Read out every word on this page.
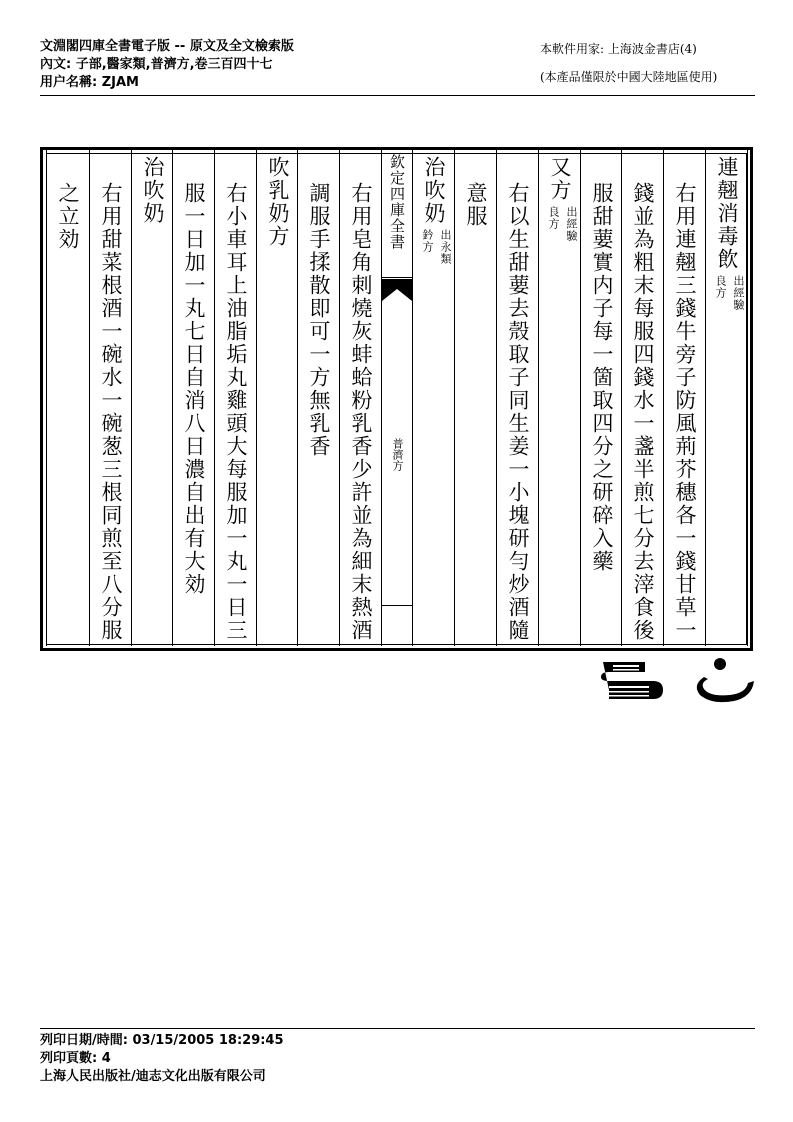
文淵閣四庫全書電子版 -- 原文及全文檢索版
內文: 子部,醫家類,普濟方,卷三百四十七
用户名稱: ZJAM
本軟件用家: 上海波金書店(4)
(本產品僅限於中國大陸地區使用)
連翹消毒飲出經驗良方
右用連翹三錢牛旁子防風荊芥穗各一錢甘草一
錢並為粗末每服四錢水一盞半煎七分去滓食後
服甜葽實内子每一箇取四分之研碎入藥
又方出經驗良方
右以生甜葽去殼取子同生姜一小塊研勻炒酒隨
意服
治吹奶出永類鈐方
右用皂角刺燒灰蚌蛤粉乳香少許並為細末熱酒
調服手揉散即可一方無乳香
吹乳奶方
右小車耳上油脂垢丸雞頭大每服加一丸一日三
服一日加一丸七日自消八日濃自出有大効
治吹奶
右用甜菜根酒一碗水一碗葱三根同煎至八分服
之立効	欽定四庫全書
普濟方
列印日期/時間: 03/15/2005 18:29:45
列印頁數: 4
上海人民出版社/迪志文化出版有限公司
